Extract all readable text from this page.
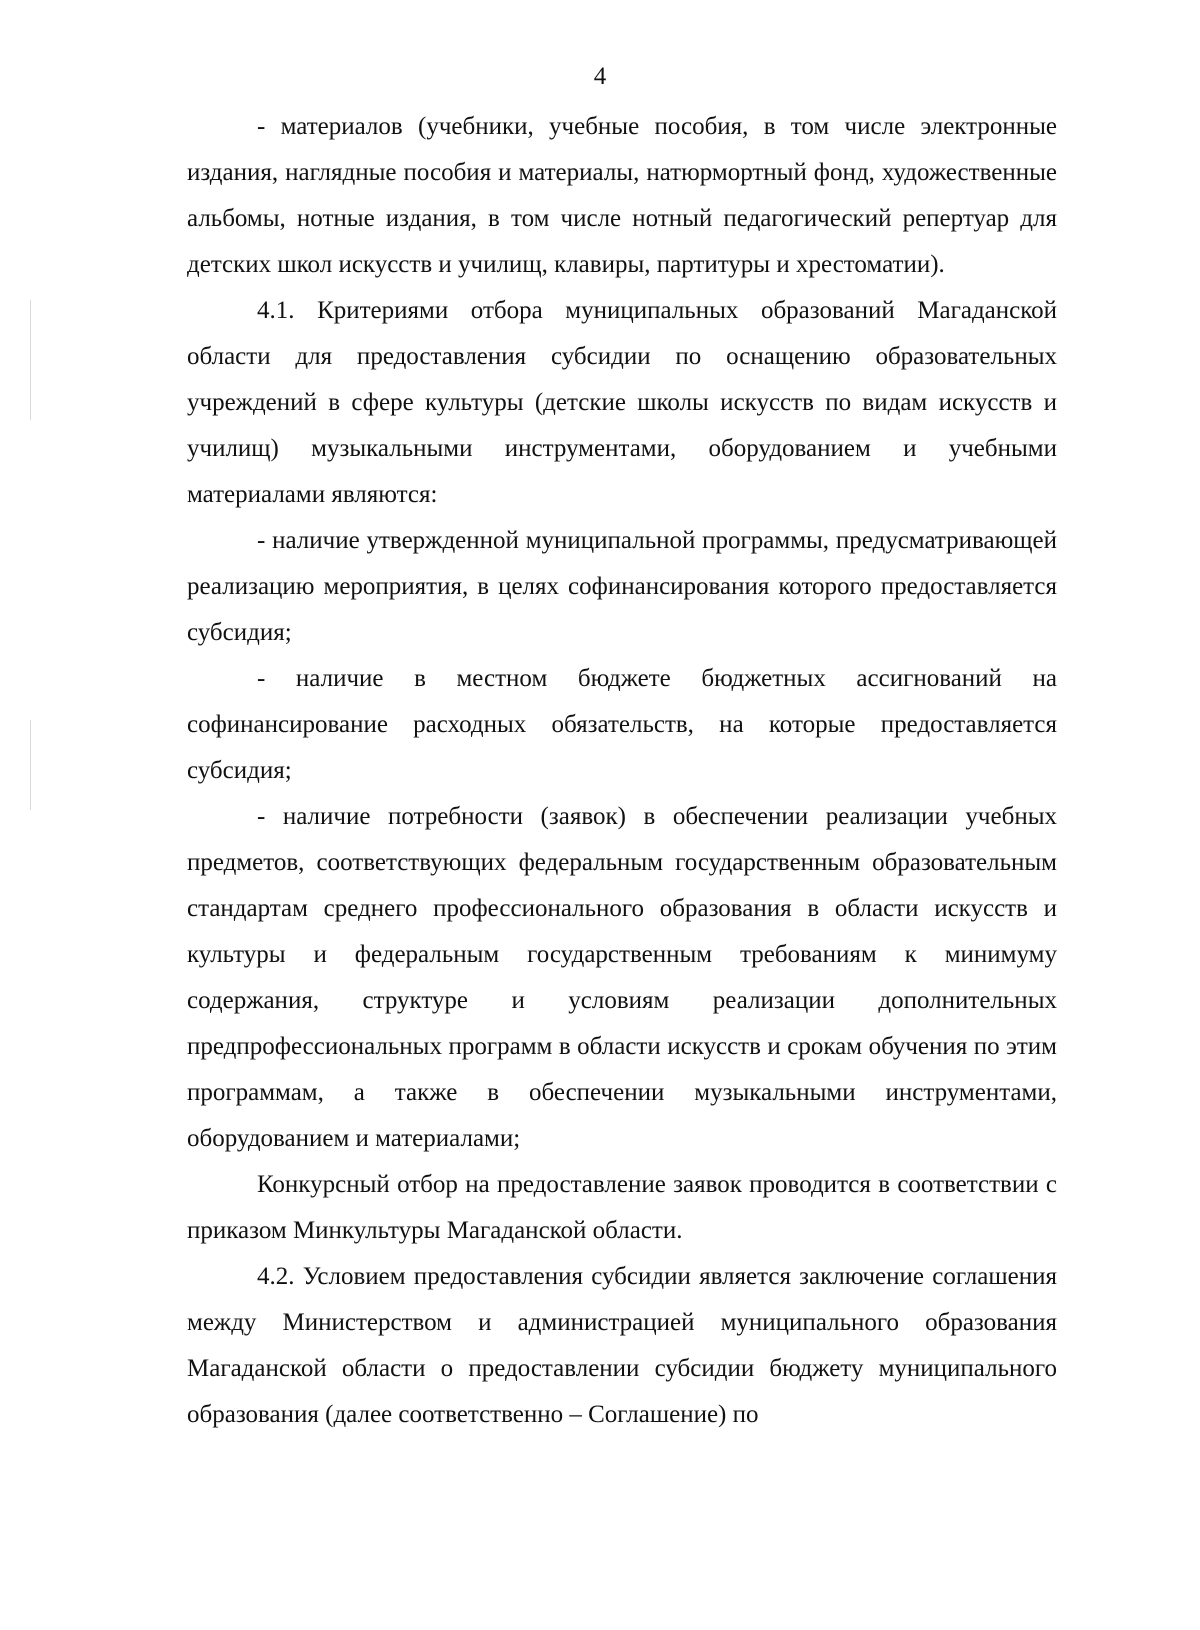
4

- материалов (учебники, учебные пособия, в том числе электронные издания, наглядные пособия и материалы, натюрмортный фонд, художественные альбомы, нотные издания, в том числе нотный педагогический репертуар для детских школ искусств и училищ, клавиры, партитуры и хрестоматии).

4.1. Критериями отбора муниципальных образований Магаданской области для предоставления субсидии по оснащению образовательных учреждений в сфере культуры (детские школы искусств по видам искусств и училищ) музыкальными инструментами, оборудованием и учебными материалами являются:

- наличие утвержденной муниципальной программы, предусматривающей реализацию мероприятия, в целях софинансирования которого предоставляется субсидия;

- наличие в местном бюджете бюджетных ассигнований на софинансирование расходных обязательств, на которые предоставляется субсидия;

- наличие потребности (заявок) в обеспечении реализации учебных предметов, соответствующих федеральным государственным образовательным стандартам среднего профессионального образования в области искусств и культуры и федеральным государственным требованиям к минимуму содержания, структуре и условиям реализации дополнительных предпрофессиональных программ в области искусств и срокам обучения по этим программам, а также в обеспечении музыкальными инструментами, оборудованием и материалами;

Конкурсный отбор на предоставление заявок проводится в соответствии с приказом Минкультуры Магаданской области.

4.2. Условием предоставления субсидии является заключение соглашения между Министерством и администрацией муниципального образования Магаданской области о предоставлении субсидии бюджету муниципального образования (далее соответственно – Соглашение) по
